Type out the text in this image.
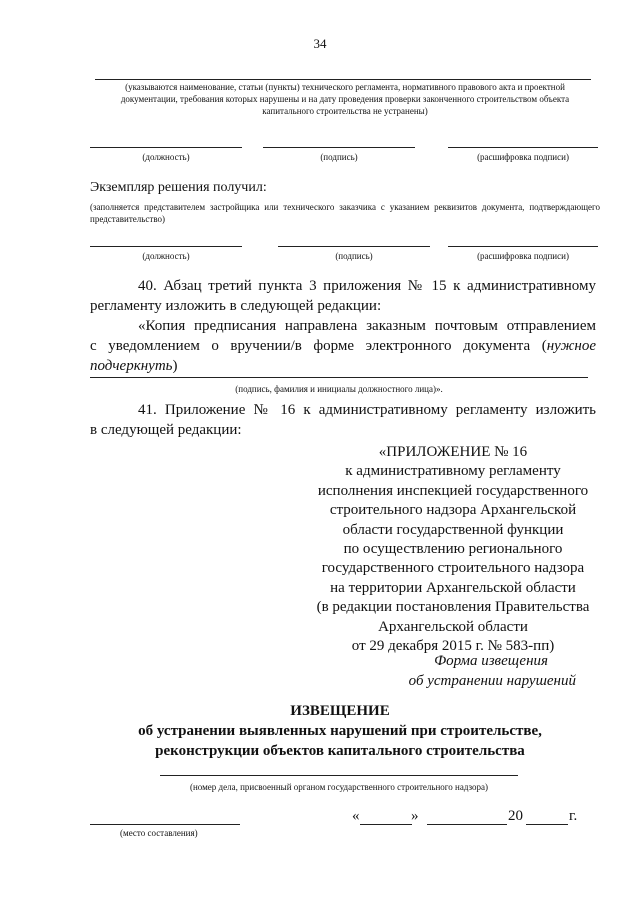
34
(указываются наименование, статьи (пункты) технического регламента, нормативного правового акта и проектной документации, требования которых нарушены и на дату проведения проверки законченного строительством объекта капитального строительства не устранены)
(должность)	(подпись)	(расшифровка подписи)
Экземпляр решения получил:
(заполняется представителем застройщика или технического заказчика с указанием реквизитов документа, подтверждающего представительство)
(должность)	(подпись)	(расшифровка подписи)
40. Абзац третий пункта 3 приложения № 15 к административному
регламенту изложить в следующей редакции:
«Копия предписания направлена заказным почтовым отправлением
с уведомлением о вручении/в форме электронного документа (нужное
подчеркнуть)
(подпись, фамилия и инициалы должностного лица)».
41. Приложение № 16 к административному регламенту изложить
в следующей редакции:
«ПРИЛОЖЕНИЕ № 16
к административному регламенту
исполнения инспекцией государственного
строительного надзора Архангельской
области государственной функции
по осуществлению регионального
государственного строительного надзора
на территории Архангельской области
(в редакции постановления Правительства
Архангельской области
от 29 декабря 2015 г. № 583-пп)
Форма извещения
об устранении нарушений
ИЗВЕЩЕНИЕ
об устранении выявленных нарушений при строительстве,
реконструкции объектов капитального строительства
(номер дела, присвоенный органом государственного строительного надзора)
(место составления)
«	»	20	г.
